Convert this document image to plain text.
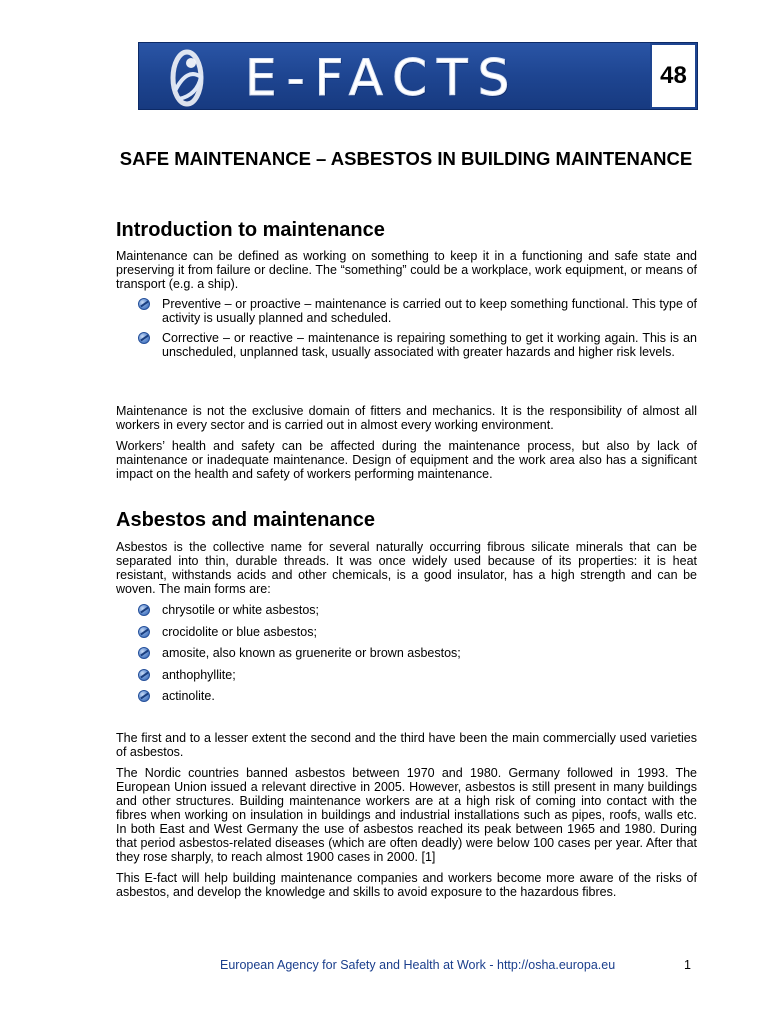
E-FACTS	48
SAFE MAINTENANCE – ASBESTOS IN BUILDING MAINTENANCE
Introduction to maintenance

Maintenance can be defined as working on something to keep it in a functioning and safe state and preserving it from failure or decline. The “something” could be a workplace, work equipment, or means of transport (e.g. a ship).

Preventive – or proactive – maintenance is carried out to keep something functional. This type of activity is usually planned and scheduled.
Corrective – or reactive – maintenance is repairing something to get it working again. This is an unscheduled, unplanned task, usually associated with greater hazards and higher risk levels.

Maintenance is not the exclusive domain of fitters and mechanics. It is the responsibility of almost all workers in every sector and is carried out in almost every working environment.

Workers’ health and safety can be affected during the maintenance process, but also by lack of maintenance or inadequate maintenance. Design of equipment and the work area also has a significant impact on the health and safety of workers performing maintenance.

Asbestos and maintenance

Asbestos is the collective name for several naturally occurring fibrous silicate minerals that can be separated into thin, durable threads. It was once widely used because of its properties: it is heat resistant, withstands acids and other chemicals, is a good insulator, has a high strength and can be woven. The main forms are:

chrysotile or white asbestos;
crocidolite or blue asbestos;
amosite, also known as gruenerite or brown asbestos;
anthophyllite;
actinolite.

The first and to a lesser extent the second and the third have been the main commercially used varieties of asbestos.

The Nordic countries banned asbestos between 1970 and 1980. Germany followed in 1993. The European Union issued a relevant directive in 2005. However, asbestos is still present in many buildings and other structures. Building maintenance workers are at a high risk of coming into contact with the fibres when working on insulation in buildings and industrial installations such as pipes, roofs, walls etc. In both East and West Germany the use of asbestos reached its peak between 1965 and 1980. During that period asbestos-related diseases (which are often deadly) were below 100 cases per year. After that they rose sharply, to reach almost 1900 cases in 2000. [1]

This E-fact will help building maintenance companies and workers become more aware of the risks of asbestos, and develop the knowledge and skills to avoid exposure to the hazardous fibres.

European Agency for Safety and Health at Work - http://osha.europa.eu	1
